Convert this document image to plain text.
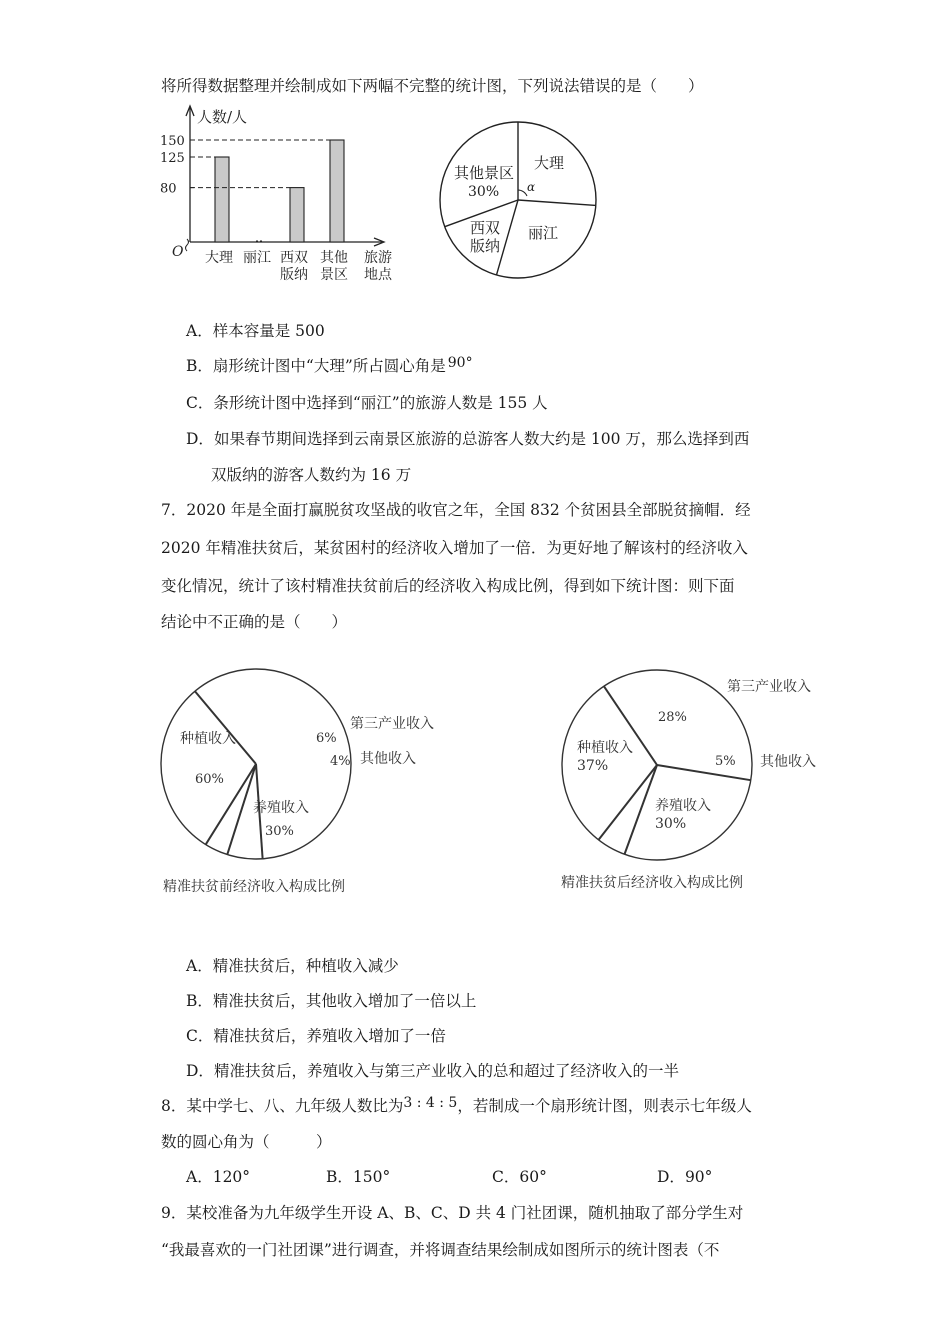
将所得数据整理并绘制成如下两幅不完整的统计图，下列说法错误的是（　　）
人数/人
O	旅游
地点
80
125
150
大理 丽江 西双
版纳
其他
景区
α
大理
丽江
西双
版纳
其他景区
30%
A．样本容量是 500
B．扇形统计图中“大理”所占圆心角是 90°
C．条形统计图中选择到“丽江”的旅游人数是 155 人
D．如果春节期间选择到云南景区旅游的总游客人数大约是 100 万，那么选择到西
双版纳的游客人数约为 16 万
7．2020 年是全面打赢脱贫攻坚战的收官之年，全国 832 个贫困县全部脱贫摘帽．经
2020 年精准扶贫后，某贫困村的经济收入增加了一倍．为更好地了解该村的经济收入
变化情况，统计了该村精准扶贫前后的经济收入构成比例，得到如下统计图：则下面
结论中不正确的是（　　）
种植收入
60%
6%
第三产业收入
4% 其他收入
养殖收入
30%
精准扶贫前经济收入构成比例
种植收入
37%
28%
第三产业收入
5% 其他收入
养殖收入
30%
精准扶贫后经济收入构成比例
A．精准扶贫后，种植收入减少
B．精准扶贫后，其他收入增加了一倍以上
C．精准扶贫后，养殖收入增加了一倍
D．精准扶贫后，养殖收入与第三产业收入的总和超过了经济收入的一半
8．某中学七、八、九年级人数比为3 : 4 : 5，若制成一个扇形统计图，则表示七年级人
数的圆心角为（　　　）
A．120°	B．150°	C．60°	D．90°
9．某校准备为九年级学生开设 A、B、C、D 共 4 门社团课，随机抽取了部分学生对
“我最喜欢的一门社团课”进行调查，并将调查结果绘制成如图所示的统计图表（不
